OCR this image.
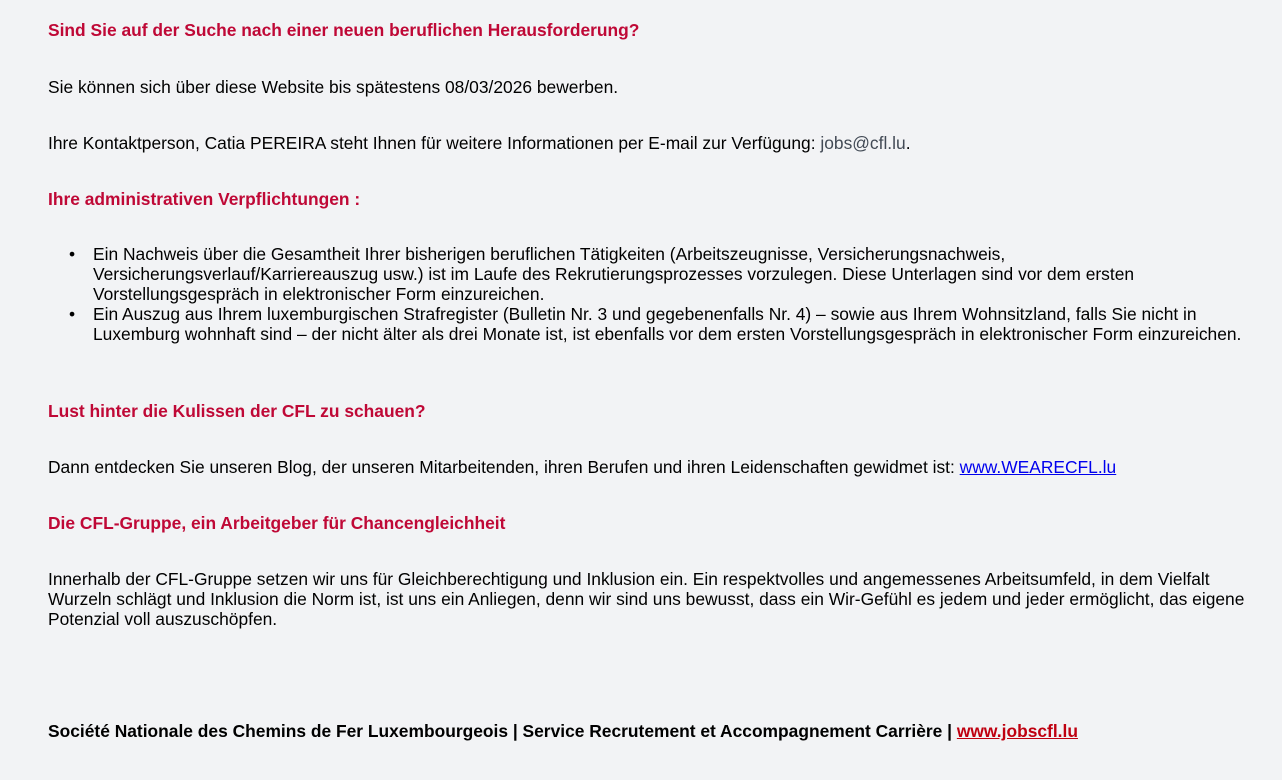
Sind Sie auf der Suche nach einer neuen beruflichen Herausforderung?
Sie können sich über diese Website bis spätestens 08/03/2026 bewerben.
Ihre Kontaktperson, Catia PEREIRA steht Ihnen für weitere Informationen per E-mail zur Verfügung: jobs@cfl.lu.
Ihre administrativen Verpflichtungen :
• Ein Nachweis über die Gesamtheit Ihrer bisherigen beruflichen Tätigkeiten (Arbeitszeugnisse, Versicherungsnachweis, Versicherungsverlauf/Karriereauszug usw.) ist im Laufe des Rekrutierungsprozesses vorzulegen. Diese Unterlagen sind vor dem ersten Vorstellungsgespräch in elektronischer Form einzureichen.
• Ein Auszug aus Ihrem luxemburgischen Strafregister (Bulletin Nr. 3 und gegebenenfalls Nr. 4) – sowie aus Ihrem Wohnsitzland, falls Sie nicht in Luxemburg wohnhaft sind – der nicht älter als drei Monate ist, ist ebenfalls vor dem ersten Vorstellungsgespräch in elektronischer Form einzureichen.
Lust hinter die Kulissen der CFL zu schauen?
Dann entdecken Sie unseren Blog, der unseren Mitarbeitenden, ihren Berufen und ihren Leidenschaften gewidmet ist: www.WEARECFL.lu
Die CFL-Gruppe, ein Arbeitgeber für Chancengleichheit
Innerhalb der CFL-Gruppe setzen wir uns für Gleichberechtigung und Inklusion ein. Ein respektvolles und angemessenes Arbeitsumfeld, in dem Vielfalt Wurzeln schlägt und Inklusion die Norm ist, ist uns ein Anliegen, denn wir sind uns bewusst, dass ein Wir-Gefühl es jedem und jeder ermöglicht, das eigene Potenzial voll auszuschöpfen.
Société Nationale des Chemins de Fer Luxembourgeois | Service Recrutement et Accompagnement Carrière | www.jobscfl.lu
